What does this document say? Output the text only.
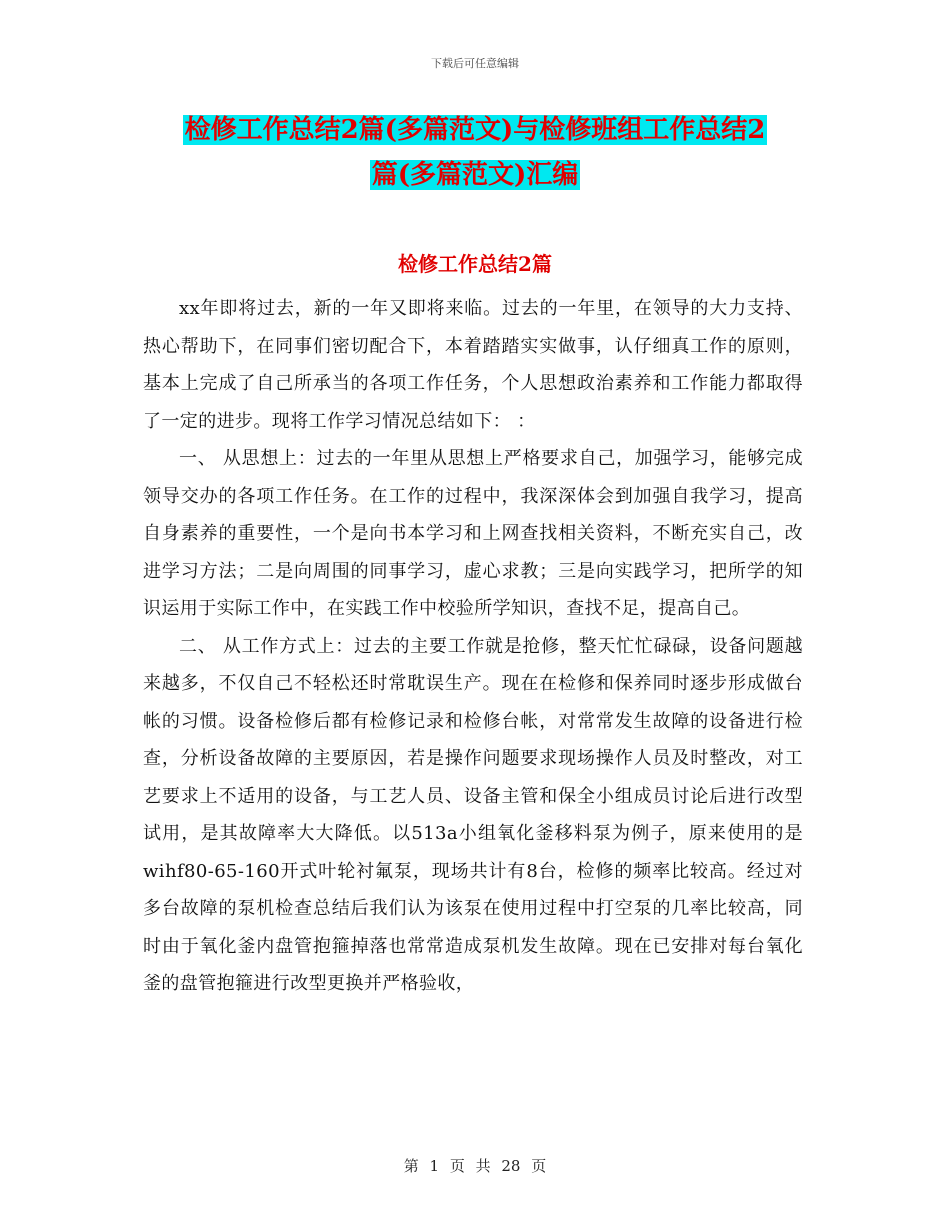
下载后可任意编辑
检修工作总结2篇(多篇范文)与检修班组工作总结2
篇(多篇范文)汇编
检修工作总结2篇

xx年即将过去，新的一年又即将来临。过去的一年里，在领导的大力支持、热心帮助下，在同事们密切配合下，本着踏踏实实做事，认仔细真工作的原则，基本上完成了自己所承当的各项工作任务，个人思想政治素养和工作能力都取得了一定的进步。现将工作学习情况总结如下： ：

一、 从思想上：过去的一年里从思想上严格要求自己，加强学习，能够完成领导交办的各项工作任务。在工作的过程中，我深深体会到加强自我学习，提高自身素养的重要性，一个是向书本学习和上网查找相关资料，不断充实自己，改进学习方法；二是向周围的同事学习，虚心求教；三是向实践学习，把所学的知识运用于实际工作中，在实践工作中校验所学知识，查找不足，提高自己。

二、 从工作方式上：过去的主要工作就是抢修，整天忙忙碌碌，设备问题越来越多，不仅自己不轻松还时常耽误生产。现在在检修和保养同时逐步形成做台帐的习惯。设备检修后都有检修记录和检修台帐，对常常发生故障的设备进行检查，分析设备故障的主要原因，若是操作问题要求现场操作人员及时整改，对工艺要求上不适用的设备，与工艺人员、设备主管和保全小组成员讨论后进行改型试用，是其故障率大大降低。以513a小组氧化釜移料泵为例子，原来使用的是wihf80-65-160开式叶轮衬氟泵，现场共计有8台，检修的频率比较高。经过对多台故障的泵机检查总结后我们认为该泵在使用过程中打空泵的几率比较高，同时由于氧化釜内盘管抱箍掉落也常常造成泵机发生故障。现在已安排对每台氧化釜的盘管抱箍进行改型更换并严格验收，

第 1 页 共 28 页
